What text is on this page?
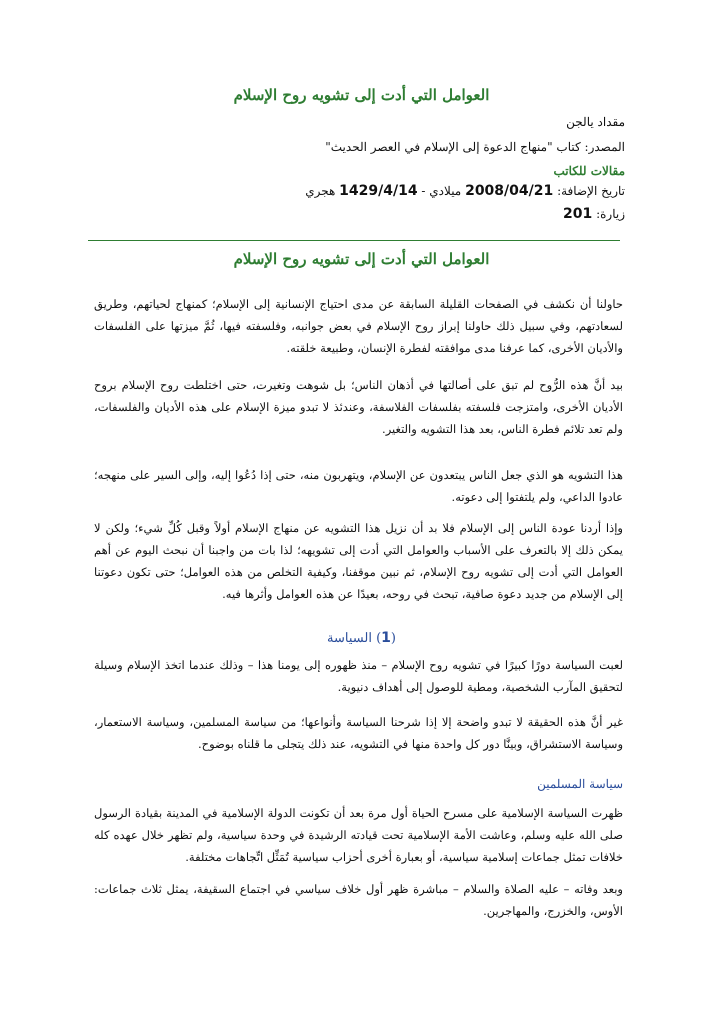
العوامل التي أدت إلى تشويه روح الإسلام
مقداد يالجن
المصدر: كتاب "منهاج الدعوة إلى الإسلام في العصر الحديث"
مقالات للكاتب
تاريخ الإضافة: 2008/04/21 ميلادي - 1429/4/14 هجري
زيارة: 201
العوامل التي أدت إلى تشويه روح الإسلام
حاولنا أن نكشف في الصفحات القليلة السابقة عن مدى احتياج الإنسانية إلى الإسلام؛ كمنهاج لحياتهم، وطريق لسعادتهم، وفي سبيل ذلك حاولنا إبراز روح الإسلام في بعض جوانبه، وفلسفته فيها، ثُمَّ ميزتها على الفلسفات والأديان الأخرى، كما عرفنا مدى موافقته لفطرة الإنسان، وطبيعة خلقته.
بيد أنَّ هذه الرُّوح لم تبق على أصالتها في أذهان الناس؛ بل شوهت وتغيرت، حتى اختلطت روح الإسلام بروح الأديان الأخرى، وامتزجت فلسفته بفلسفات الفلاسفة، وعندئذ لا تبدو ميزة الإسلام على هذه الأديان والفلسفات، ولم تعد تلائم فطرة الناس، بعد هذا التشويه والتغير.
هذا التشويه هو الذي جعل الناس يبتعدون عن الإسلام، ويتهربون منه، حتى إذا دُعُوا إليه، وإلى السير على منهجه؛ عادوا الداعي، ولم يلتفتوا إلى دعوته.
وإذا أردنا عودة الناس إلى الإسلام فلا بد أن نزيل هذا التشويه عن منهاج الإسلام أولاً وقبل كُلِّ شيء؛ ولكن لا يمكن ذلك إلا بالتعرف على الأسباب والعوامل التي أدت إلى تشويهه؛ لذا بات من واجبنا أن نبحث اليوم عن أهم العوامل التي أدت إلى تشويه روح الإسلام، ثم نبين موقفنا، وكيفية التخلص من هذه العوامل؛ حتى تكون دعوتنا إلى الإسلام من جديد دعوة صافية، تبحث في روحه، بعيدًا عن هذه العوامل وأثرها فيه.
(1) السياسة
لعبت السياسة دورًا كبيرًا في تشويه روح الإسلام – منذ ظهوره إلى يومنا هذا – وذلك عندما اتخذ الإسلام وسيلة لتحقيق المآرب الشخصية، ومطية للوصول إلى أهداف دنيوية.
غير أنَّ هذه الحقيقة لا تبدو واضحة إلا إذا شرحنا السياسة وأنواعها؛ من سياسة المسلمين، وسياسة الاستعمار، وسياسة الاستشراق، وبينَّا دور كل واحدة منها في التشويه، عند ذلك يتجلى ما قلناه بوضوح.
سياسة المسلمين
ظهرت السياسة الإسلامية على مسرح الحياة أول مرة بعد أن تكونت الدولة الإسلامية في المدينة بقيادة الرسول صلى الله عليه وسلم، وعاشت الأمة الإسلامية تحت قيادته الرشيدة في وحدة سياسية، ولم تظهر خلال عهده كله خلافات تمثل جماعات إسلامية سياسية، أو بعبارة أخرى أحزاب سياسية تُمَثِّل اتِّجاهات مختلفة.
وبعد وفاته – عليه الصلاة والسلام – مباشرة ظهر أول خلاف سياسي في اجتماع السقيفة، يمثل ثلاث جماعات: الأوس، والخزرج، والمهاجرين.
